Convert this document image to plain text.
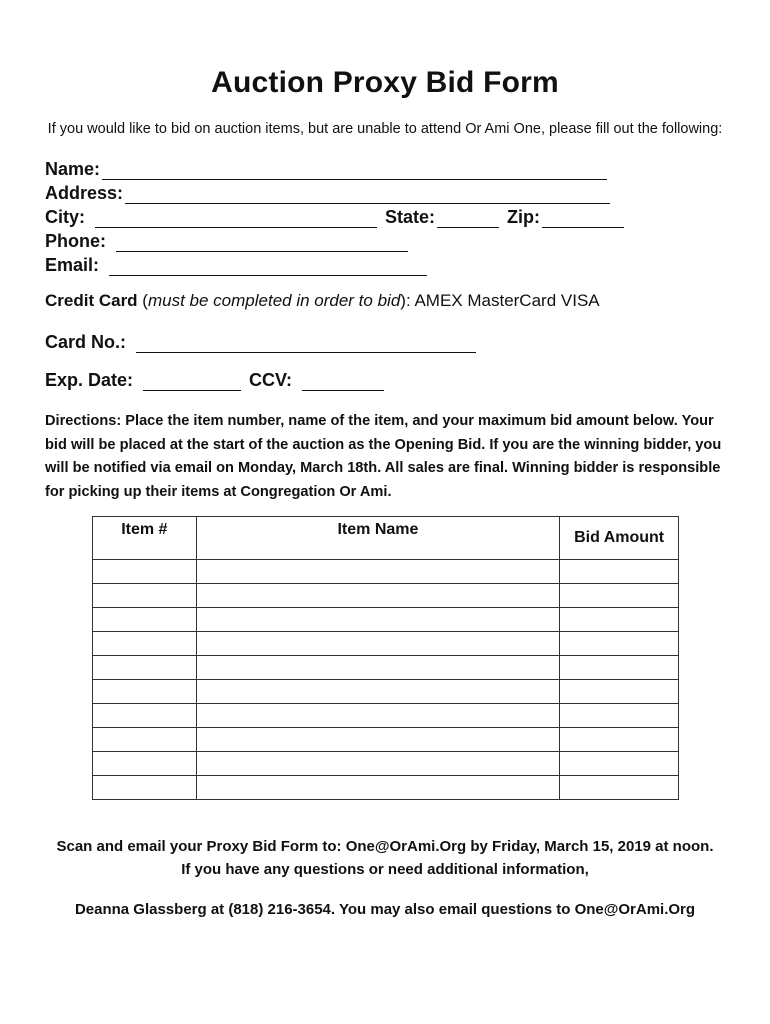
Auction Proxy Bid Form
If you would like to bid on auction items, but are unable to attend Or Ami One, please fill out the following:
Name:
Address:
City:	State:	Zip:
Phone:
Email:
Credit Card (must be completed in order to bid): AMEX MasterCard VISA
Card No.:
Exp. Date:	CCV:
Directions: Place the item number, name of the item, and your maximum bid amount below. Your bid will be placed at the start of the auction as the Opening Bid. If you are the winning bidder, you will be notified via email on Monday, March 18th. All sales are final. Winning bidder is responsible for picking up their items at Congregation Or Ami.
Item #	Item Name	Bid Amount

Scan and email your Proxy Bid Form to: One@OrAmi.Org by Friday, March 15, 2019 at noon.
If you have any questions or need additional information,
Deanna Glassberg at (818) 216-3654. You may also email questions to One@OrAmi.Org
